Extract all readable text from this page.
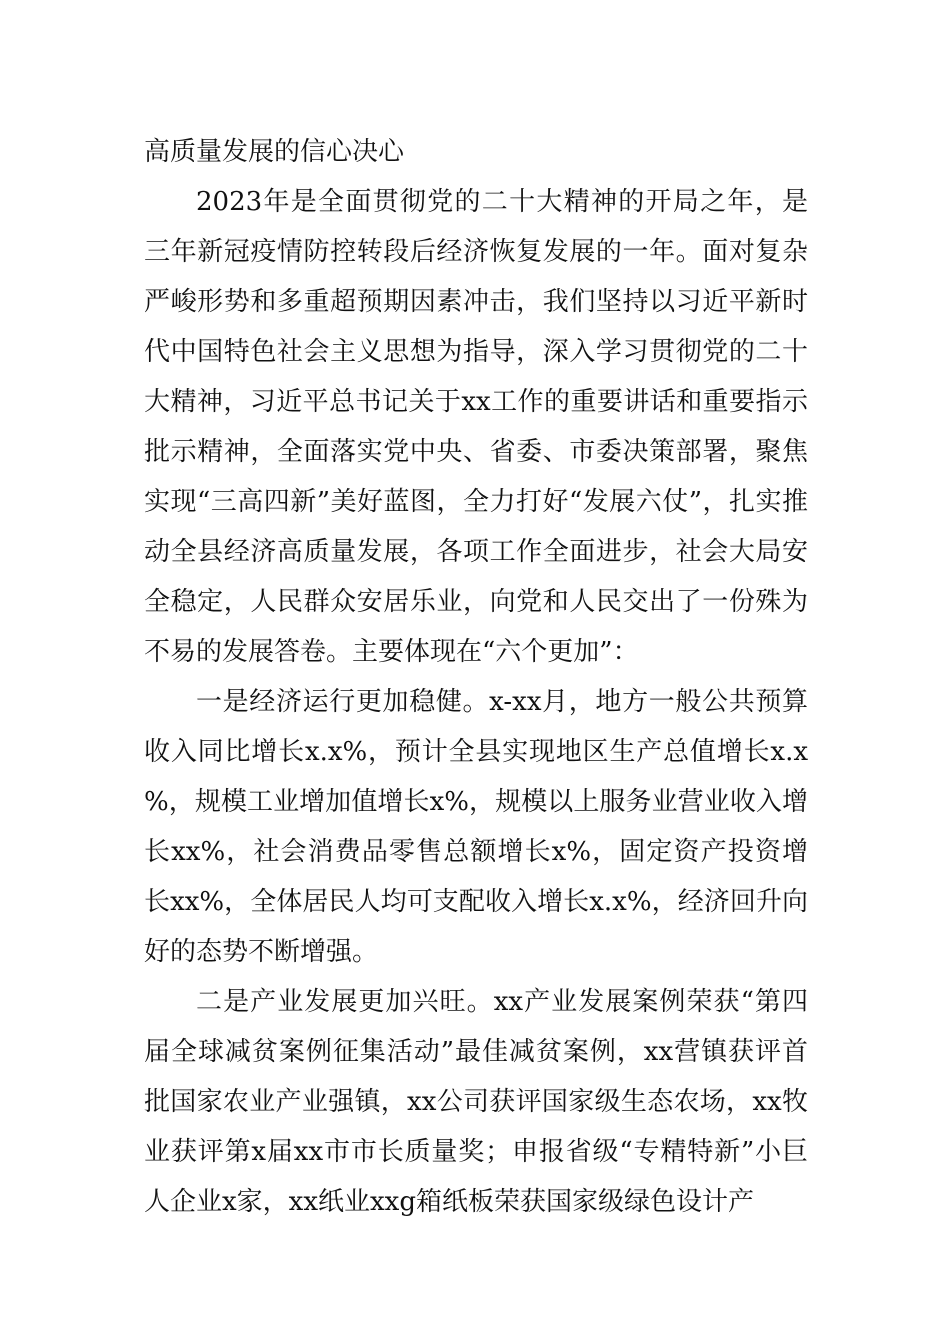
高质量发展的信心决心

2023年是全面贯彻党的二十大精神的开局之年，是三年新冠疫情防控转段后经济恢复发展的一年。面对复杂严峻形势和多重超预期因素冲击，我们坚持以习近平新时代中国特色社会主义思想为指导，深入学习贯彻党的二十大精神，习近平总书记关于xx工作的重要讲话和重要指示批示精神，全面落实党中央、省委、市委决策部署，聚焦实现“三高四新”美好蓝图，全力打好“发展六仗”，扎实推动全县经济高质量发展，各项工作全面进步，社会大局安全稳定，人民群众安居乐业，向党和人民交出了一份殊为不易的发展答卷。主要体现在“六个更加”：

一是经济运行更加稳健。x-xx月，地方一般公共预算收入同比增长x.x%，预计全县实现地区生产总值增长x.x%，规模工业增加值增长x%，规模以上服务业营业收入增长xx%，社会消费品零售总额增长x%，固定资产投资增长xx%，全体居民人均可支配收入增长x.x%，经济回升向好的态势不断增强。

二是产业发展更加兴旺。xx产业发展案例荣获“第四届全球减贫案例征集活动”最佳减贫案例，xx营镇获评首批国家农业产业强镇，xx公司获评国家级生态农场，xx牧业获评第x届xx市市长质量奖；申报省级“专精特新”小巨人企业x家，xx纸业xxg箱纸板荣获国家级绿色设计产
